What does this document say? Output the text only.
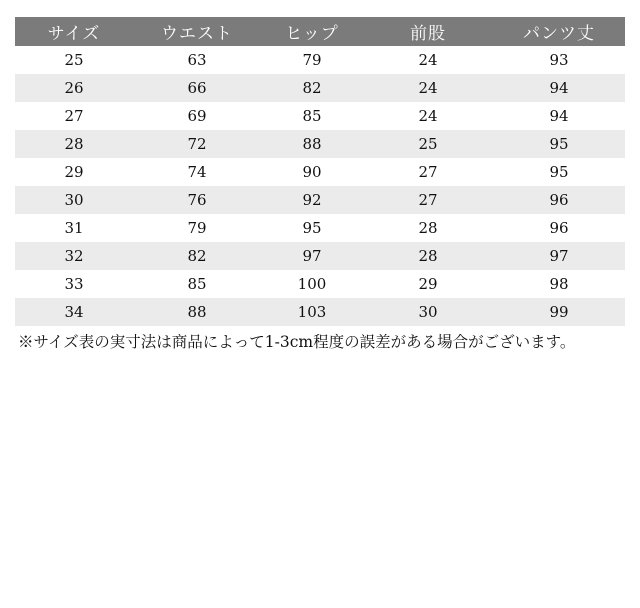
サイズ	ウエスト	ヒップ	前股	パンツ丈
25	63	79	24	93
26	66	82	24	94
27	69	85	24	94
28	72	88	25	95
29	74	90	27	95
30	76	92	27	96
31	79	95	28	96
32	82	97	28	97
33	85	100	29	98
34	88	103	30	99
※サイズ表の実寸法は商品によって1-3cm程度の誤差がある場合がございます。
